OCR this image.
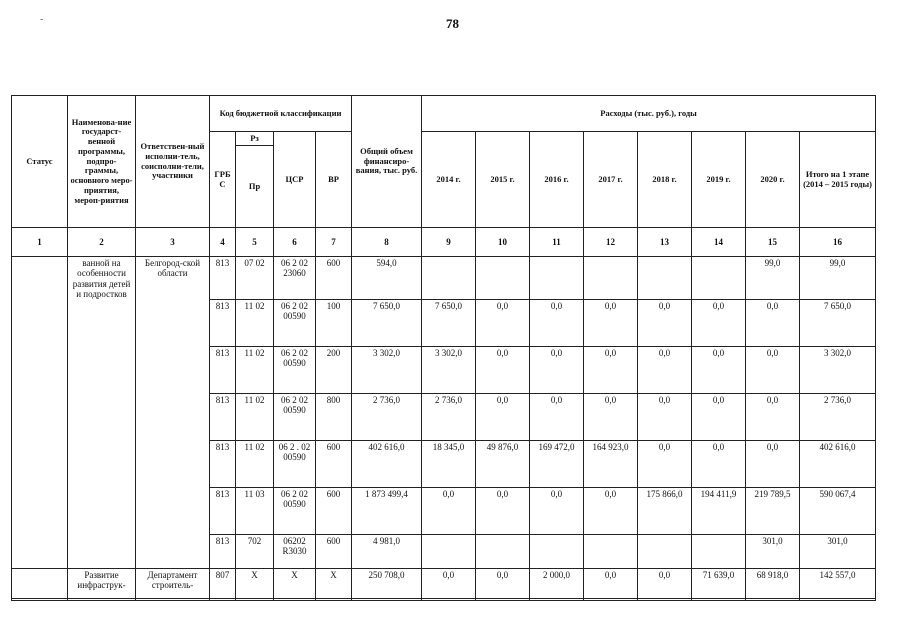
-	78
Статус	Наименова-ние государст-венной программы, подпро-граммы, основного меро-приятия, мероп-риятия	Ответствен-ный исполни-тель, соисполни-тели, участники	Код бюджетной классификации				Общий объем финансиро-вания, тыс. руб.	Расходы (тыс. руб.), годы							
			ГРБ С	Рз	ЦСР	ВР		2014 г.	2015 г.	2016 г.	2017 г.	2018 г.	2019 г.	2020 г.	Итого на 1 этапе (2014 – 2015 годы)
				Пр											
1	2	3	4	5	6	7	8	9	10	11	12	13	14	15	16
	ванной на особенности развития детей и подростков	Белгород-ской области	813	07 02	06 2 02 23060	600	594,0							99,0	99,0
			813	11 02	06 2 02 00590	100	7 650,0	7 650,0	0,0	0,0	0,0	0,0	0,0	0,0	7 650,0
			813	11 02	06 2 02 00590	200	3 302,0	3 302,0	0,0	0,0	0,0	0,0	0,0	0,0	3 302,0
			813	11 02	06 2 02 00590	800	2 736,0	2 736,0	0,0	0,0	0,0	0,0	0,0	0,0	2 736,0
			813	11 02	06 2 . 02 00590	600	402 616,0	18 345,0	49 876,0	169 472,0	164 923,0	0,0	0,0	0,0	402 616,0
			813	11 03	06 2 02 00590	600	1 873 499,4	0,0	0,0	0,0	0,0	175 866,0	194 411,9	219 789,5	590 067,4
			813	702	06202 R3030	600	4 981,0							301,0	301,0
	Развитие инфраструк-	Департамент строитель-	807	X	X	X	250 708,0	0,0	0,0	2 000,0	0,0	0,0	71 639,0	68 918,0	142 557,0
